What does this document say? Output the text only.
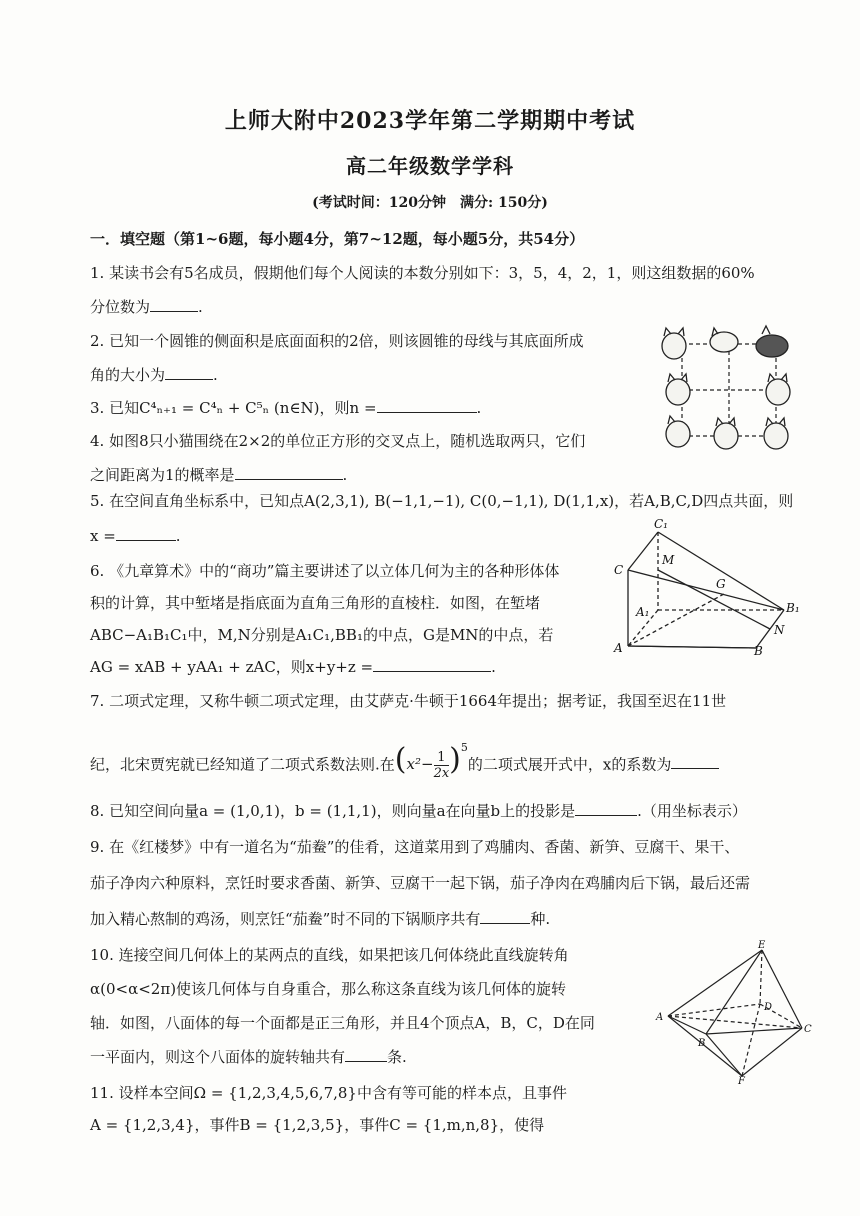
上师大附中2023学年第二学期期中考试
高二年级数学学科
(考试时间：120分钟　满分: 150分)
一．填空题（第1~6题，每小题4分，第7~12题，每小题5分，共54分）
1. 某读书会有5名成员，假期他们每个人阅读的本数分别如下：3，5，4，2，1，则这组数据的60%
分位数为	.
2. 已知一个圆锥的侧面积是底面面积的2倍，则该圆锥的母线与其底面所成
角的大小为	.
3. 已知C⁴ₙ₊₁ = C⁴ₙ + C⁵ₙ (n∈N)，则n =	.
4. 如图8只小猫围绕在2×2的单位正方形的交叉点上，随机选取两只，它们
之间距离为1的概率是	.
5. 在空间直角坐标系中，已知点A(2,3,1), B(−1,1,−1), C(0,−1,1), D(1,1,x)，若A,B,C,D四点共面，则
x =	.
6. 《九章算术》中的“商功”篇主要讲述了以立体几何为主的各种形体体
积的计算，其中堑堵是指底面为直角三角形的直棱柱．如图，在堑堵
ABC−A₁B₁C₁中，M,N分别是A₁C₁,BB₁的中点，G是MN的中点，若
AG = xAB + yAA₁ + zAC，则x+y+z =	.
C₁
M
C
G
A₁	B₁
N
A	B
7. 二项式定理，又称牛顿二项式定理，由艾萨克·牛顿于1664年提出；据考证，我国至迟在11世
纪，北宋贾宪就已经知道了二项式系数法则.在$(x^2- \frac{1}{2x} )^5$的二项式展开式中，x的系数为
8. 已知空间向量a = (1,0,1)，b = (1,1,1)，则向量a在向量b上的投影是	.（用坐标表示）
9. 在《红楼梦》中有一道名为“茄鲞”的佳肴，这道菜用到了鸡脯肉、香菌、新笋、豆腐干、果干、
茄子净肉六种原料，烹饪时要求香菌、新笋、豆腐干一起下锅，茄子净肉在鸡脯肉后下锅，最后还需
加入精心熬制的鸡汤，则烹饪“茄鲞”时不同的下锅顺序共有	种.
10. 连接空间几何体上的某两点的直线，如果把该几何体绕此直线旋转角
α(0<α<2π)使该几何体与自身重合，那么称这条直线为该几何体的旋转
轴．如图，八面体的每一个面都是正三角形，并且4个顶点A，B，C，D在同
一平面内，则这个八面体的旋转轴共有	条.
E
D
A
C
B
F
11. 设样本空间Ω = {1,2,3,4,5,6,7,8}中含有等可能的样本点，且事件
A = {1,2,3,4}，事件B = {1,2,3,5}，事件C = {1,m,n,8}，使得
